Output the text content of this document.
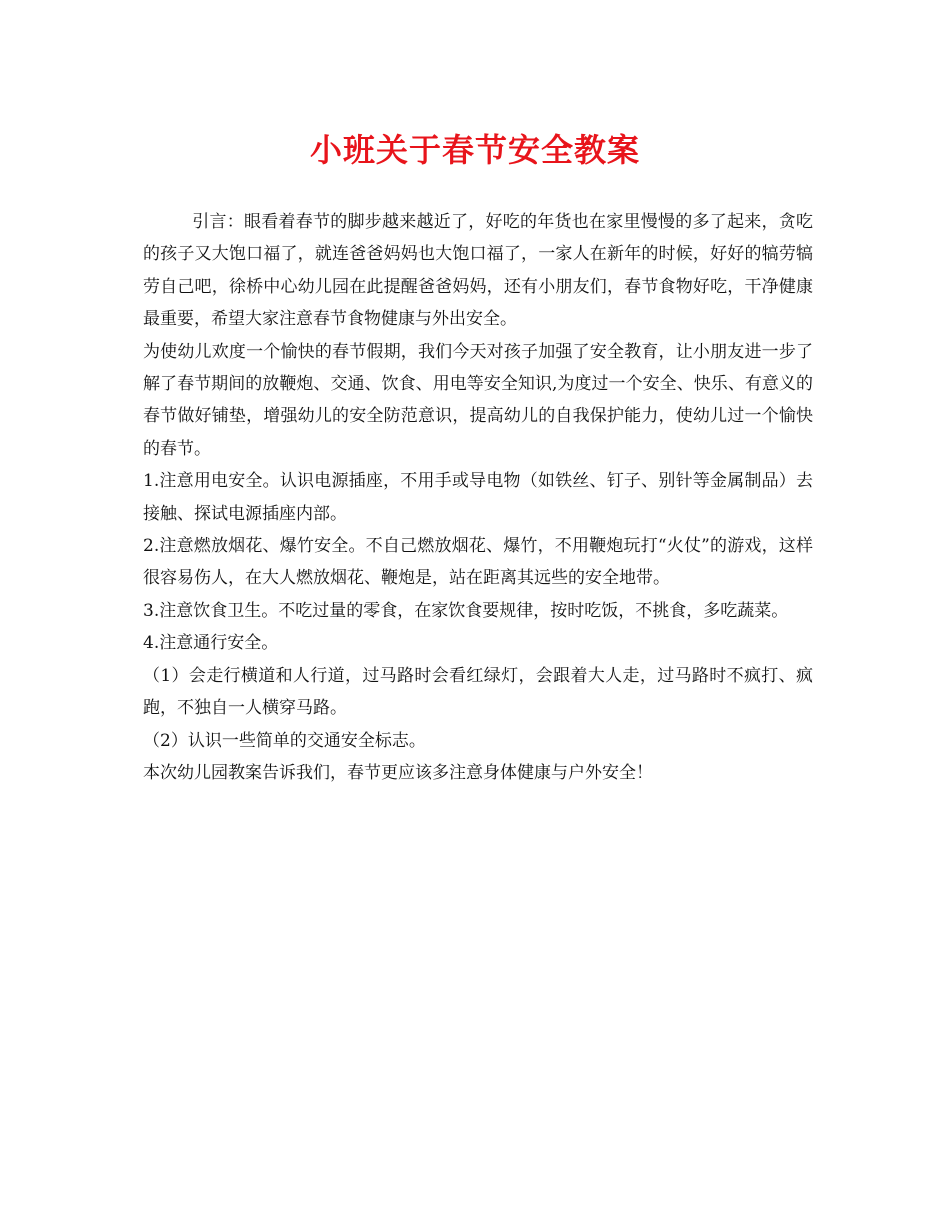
小班关于春节安全教案

引言：眼看着春节的脚步越来越近了，好吃的年货也在家里慢慢的多了起来，贪吃的孩子又大饱口福了，就连爸爸妈妈也大饱口福了，一家人在新年的时候，好好的犒劳犒劳自己吧，徐桥中心幼儿园在此提醒爸爸妈妈，还有小朋友们，春节食物好吃，干净健康最重要，希望大家注意春节食物健康与外出安全。

为使幼儿欢度一个愉快的春节假期，我们今天对孩子加强了安全教育，让小朋友进一步了解了春节期间的放鞭炮、交通、饮食、用电等安全知识,为度过一个安全、快乐、有意义的春节做好铺垫，增强幼儿的安全防范意识，提高幼儿的自我保护能力，使幼儿过一个愉快的春节。

1.注意用电安全。认识电源插座，不用手或导电物（如铁丝、钉子、别针等金属制品）去接触、探试电源插座内部。

2.注意燃放烟花、爆竹安全。不自己燃放烟花、爆竹，不用鞭炮玩打“火仗”的游戏，这样很容易伤人，在大人燃放烟花、鞭炮是，站在距离其远些的安全地带。

3.注意饮食卫生。不吃过量的零食，在家饮食要规律，按时吃饭，不挑食，多吃蔬菜。

4.注意通行安全。

（1）会走行横道和人行道，过马路时会看红绿灯，会跟着大人走，过马路时不疯打、疯跑，不独自一人横穿马路。

（2）认识一些简单的交通安全标志。

本次幼儿园教案告诉我们，春节更应该多注意身体健康与户外安全！
